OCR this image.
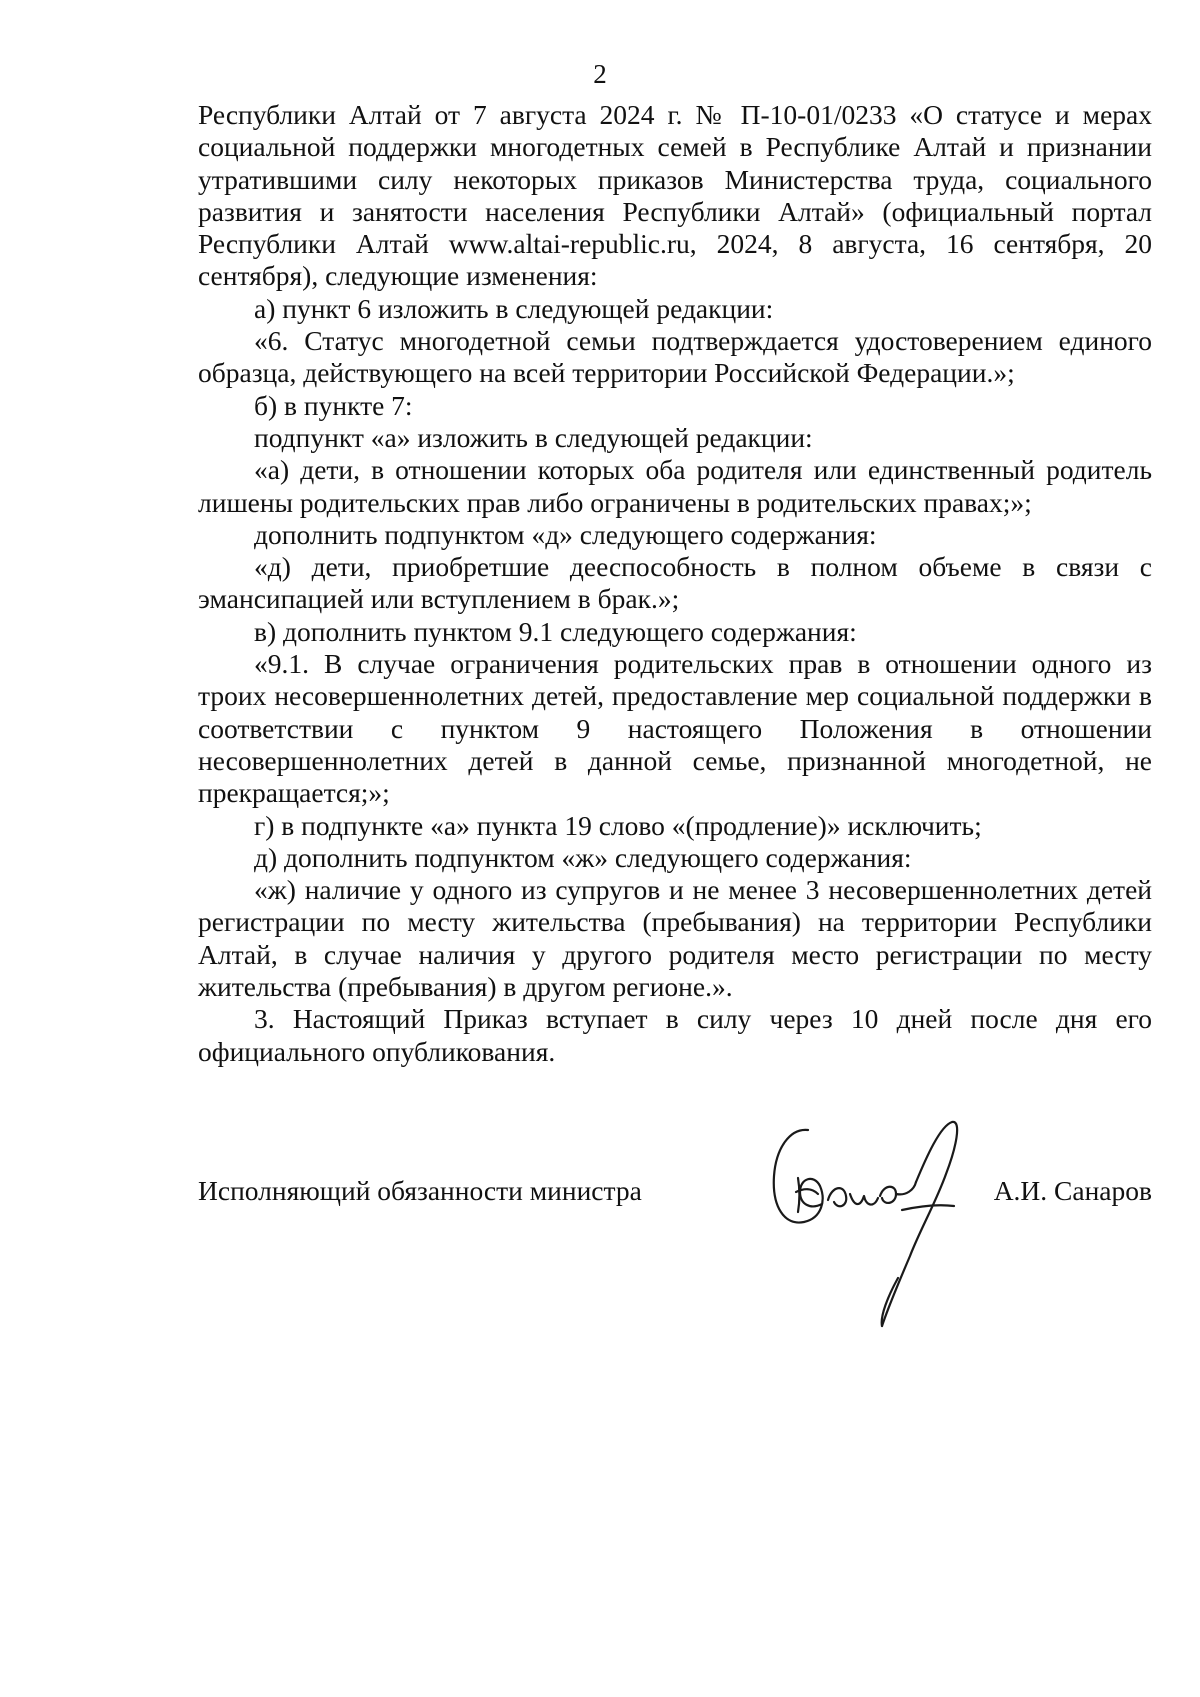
2

Республики Алтай от 7 августа 2024 г. № П-10-01/0233 «О статусе и мерах социальной поддержки многодетных семей в Республике Алтай и признании утратившими силу некоторых приказов Министерства труда, социального развития и занятости населения Республики Алтай» (официальный портал Республики Алтай www.altai-republic.ru, 2024, 8 августа, 16 сентября, 20 сентября), следующие изменения:

а) пункт 6 изложить в следующей редакции:

«6. Статус многодетной семьи подтверждается удостоверением единого образца, действующего на всей территории Российской Федерации.»;

б) в пункте 7:

подпункт «а» изложить в следующей редакции:

«а) дети, в отношении которых оба родителя или единственный родитель лишены родительских прав либо ограничены в родительских правах;»;

дополнить подпунктом «д» следующего содержания:

«д) дети, приобретшие дееспособность в полном объеме в связи с эмансипацией или вступлением в брак.»;

в) дополнить пунктом 9.1 следующего содержания:

«9.1. В случае ограничения родительских прав в отношении одного из троих несовершеннолетних детей, предоставление мер социальной поддержки в соответствии с пунктом 9 настоящего Положения в отношении несовершеннолетних детей в данной семье, признанной многодетной, не прекращается;»;

г) в подпункте «а» пункта 19 слово «(продление)» исключить;

д) дополнить подпунктом «ж» следующего содержания:

«ж) наличие у одного из супругов и не менее 3 несовершеннолетних детей регистрации по месту жительства (пребывания) на территории Республики Алтай, в случае наличия у другого родителя место регистрации по месту жительства (пребывания) в другом регионе.».

3. Настоящий Приказ вступает в силу через 10 дней после дня его официального опубликования.

Исполняющий обязанности министра	А.И. Санаров
